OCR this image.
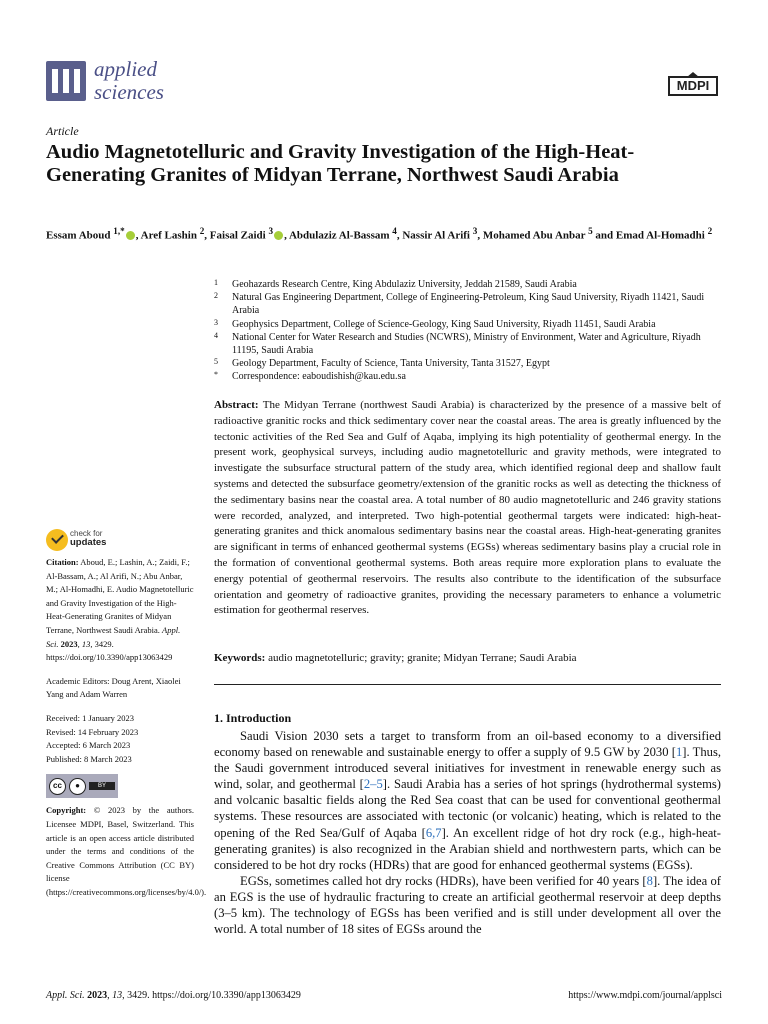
applied
sciences	MDPI
Article
Audio Magnetotelluric and Gravity Investigation of the High-Heat-Generating Granites of Midyan Terrane, Northwest Saudi Arabia
Essam Aboud $^{1,*}$ , Aref Lashin $^2$, Faisal Zaidi $^3$ , Abdulaziz Al-Bassam $^4$, Nassir Al Arifi $^3$, Mohamed Abu Anbar $^5$ and Emad Al-Homadhi $^2$
1	Geohazards Research Centre, King Abdulaziz University, Jeddah 21589, Saudi Arabia
2	Natural Gas Engineering Department, College of Engineering-Petroleum, King Saud University, Riyadh 11421, Saudi Arabia
3	Geophysics Department, College of Science-Geology, King Saud University, Riyadh 11451, Saudi Arabia
4	National Center for Water Research and Studies (NCWRS), Ministry of Environment, Water and Agriculture, Riyadh 11195, Saudi Arabia
5	Geology Department, Faculty of Science, Tanta University, Tanta 31527, Egypt
*	Correspondence: eaboudishish@kau.edu.sa
Abstract: The Midyan Terrane (northwest Saudi Arabia) is characterized by the presence of a massive belt of radioactive granitic rocks and thick sedimentary cover near the coastal areas. The area is greatly influenced by the tectonic activities of the Red Sea and Gulf of Aqaba, implying its high potentiality of geothermal energy. In the present work, geophysical surveys, including audio magnetotelluric and gravity methods, were integrated to investigate the subsurface structural pattern of the study area, which identified regional deep and shallow fault systems and detected the subsurface geometry/extension of the granitic rocks as well as detecting the thickness of the sedimentary basins near the coastal area. A total number of 80 audio magnetotelluric and 246 gravity stations were recorded, analyzed, and interpreted. Two high-potential geothermal targets were indicated: high-heat-generating granites and thick anomalous sedimentary basins near the coastal areas. High-heat-generating granites are significant in terms of enhanced geothermal systems (EGSs) whereas sedimentary basins play a crucial role in the formation of conventional geothermal systems. Both areas require more exploration plans to evaluate the energy potential of geothermal reservoirs. The results also contribute to the identification of the subsurface orientation and geometry of radioactive granites, providing the necessary parameters to enhance a volumetric estimation for geothermal reserves.
Keywords: audio magnetotelluric; gravity; granite; Midyan Terrane; Saudi Arabia
1. Introduction

Saudi Vision 2030 sets a target to transform from an oil-based economy to a diversified economy based on renewable and sustainable energy to offer a supply of 9.5 GW by 2030 [1]. Thus, the Saudi government introduced several initiatives for investment in renewable energy such as wind, solar, and geothermal [2–5]. Saudi Arabia has a series of hot springs (hydrothermal systems) and volcanic basaltic fields along the Red Sea coast that can be used for conventional geothermal systems. These resources are associated with tectonic (or volcanic) heating, which is related to the opening of the Red Sea/Gulf of Aqaba [6,7]. An excellent ridge of hot dry rock (e.g., high-heat-generating granites) is also recognized in the Arabian shield and northwestern parts, which can be considered to be hot dry rocks (HDRs) that are good for enhanced geothermal systems (EGSs).

EGSs, sometimes called hot dry rocks (HDRs), have been verified for 40 years [8]. The idea of an EGS is the use of hydraulic fracturing to create an artificial geothermal reservoir at deep depths (3–5 km). The technology of EGSs has been verified and is still under development all over the world. A total number of 18 sites of EGSs around the

check for
updates

Citation: Aboud, E.; Lashin, A.; Zaidi, F.; Al-Bassam, A.; Al Arifi, N.; Abu Anbar, M.; Al-Homadhi, E. Audio Magnetotelluric and Gravity Investigation of the High-Heat-Generating Granites of Midyan Terrane, Northwest Saudi Arabia. Appl. Sci. 2023, 13, 3429. https://doi.org/10.3390/app13063429

Academic Editors: Doug Arent, Xiaolei Yang and Adam Warren

Received: 1 January 2023

Revised: 14 February 2023

Accepted: 6 March 2023

Published: 8 March 2023

cc	●	BY

Copyright: © 2023 by the authors. Licensee MDPI, Basel, Switzerland. This article is an open access article distributed under the terms and conditions of the Creative Commons Attribution (CC BY) license (https://creativecommons.org/licenses/by/4.0/).

Appl. Sci. 2023, 13, 3429. https://doi.org/10.3390/app13063429	https://www.mdpi.com/journal/applsci
